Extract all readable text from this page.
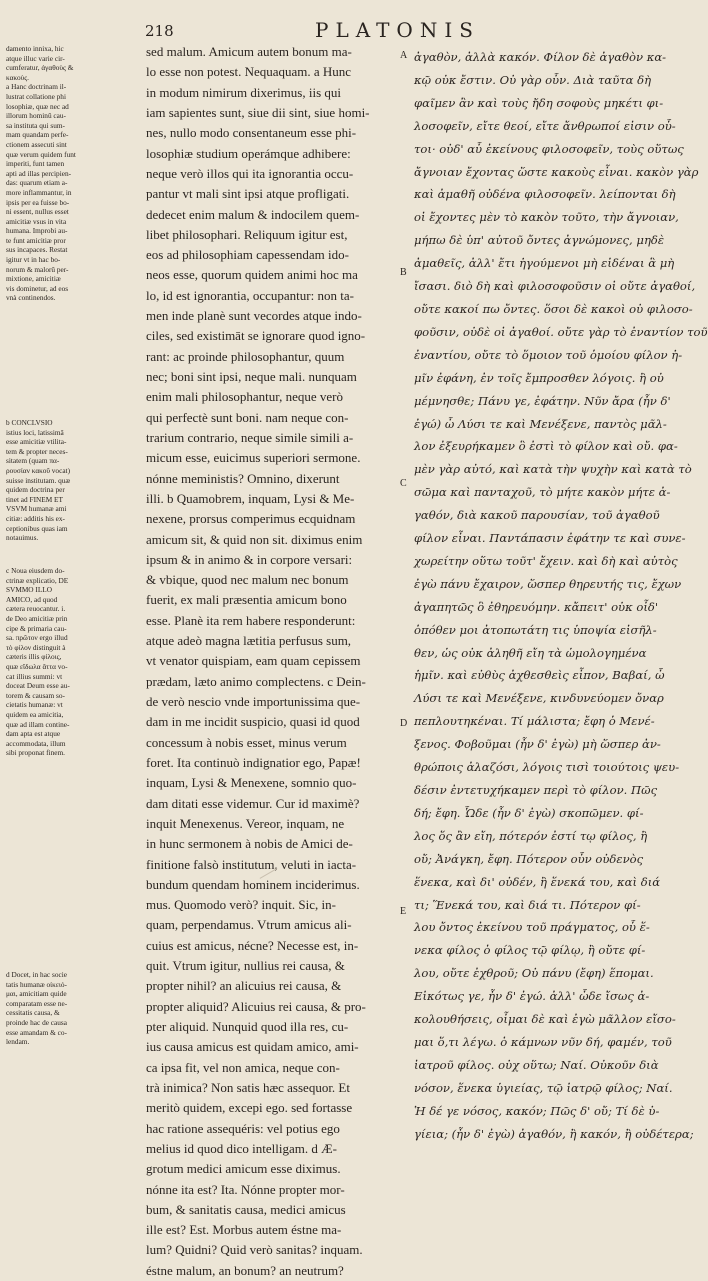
218	PLATONIS
A
B
C
D
E
damento innixa, hic
atque illuc varie cir-
cumferatur, ἀγαθοὺς &
κακοὺς.
a Hanc doctrinam il-
lustrat collatione phi
losophiæ, quæ nec ad
illorum hominũ cau-
sa instituta qui sum-
mam quandam perfe-
ctionem assecuti sint
quæ verum quidem funt
imperiti, funt tamen
apti ad illas percipien-
das: quarum etiam a-
more inflammantur, in
ipsis per ea fuisse bo-
ni essent, nullus esset
amicitiæ vsus in vita
humana. Improbi au-
te funt amicitiæ pror
sus incapaces. Restat
igitur vt in hac bo-
norum & malorũ per-
mixtione, amicitiæ
vis dominetur, ad eos
vnà continendos.
b CONCLVSIO
istius loci, latissimã
esse amicitiæ vtilita-
tem & propter neces-
sitatem (quam πα-
ρουσίαν κακοῦ vocat)
suisse institutam. quæ
quidem doctrina per
tinet ad FINEM ET
VSVM humanæ ami
citiæ: additis his ex-
ceptionibus quas iam
notauimus.
c Noua eiusdem do-
ctrinæ explicatio, DE
SVMMO ILLO
AMICO, ad quod
cætera reuocantur. i.
de Deo amicitiæ prin
cipe & primaria cau-
sa. πρῶτον ergo illud
τὸ φίλον distinguit à
cæteris illis φίλοις,
quæ εἴδωλα ἄττα vo-
cat illius summi: vt
doceat Deum esse au-
torem & causam so-
cietatis humanæ: vt
quidem ea amicitia,
quæ ad illam contine-
dam apta est atque
accommodata, illum
sibi proponat finem.
d Docet, in hac socie
tatis humanæ οἰκειό-
μαι, amicitiam quide
comparatam esse ne-
cessitatis causa, &
proinde hac de causa
esse amandam & co-
lendam.
sed malum. Amicum autem bonum ma-
lo esse non potest. Nequaquam. a Hunc
in modum nimirum dixerimus, iis qui
iam sapientes sunt, siue dii sint, siue homi-
nes, nullo modo consentaneum esse phi-
losophiæ studium operámque adhibere:
neque verò illos qui ita ignorantia occu-
pantur vt mali sint ipsi atque profligati.
dedecet enim malum & indocilem quem-
libet philosophari. Reliquum igitur est,
eos ad philosophiam capessendam ido-
neos esse, quorum quidem animi hoc ma
lo, id est ignorantia, occupantur: non ta-
men inde planè sunt vecordes atque indo-
ciles, sed existimāt se ignorare quod igno-
rant: ac proinde philosophantur, quum
nec; boni sint ipsi, neque mali. nunquam
enim mali philosophantur, neque verò
qui perfectè sunt boni. nam neque con-
trarium contrario, neque simile simili a-
micum esse, euicimus superiori sermone.
nónne meministis? Omnino, dixerunt
illi. b Quamobrem, inquam, Lysi & Me-
nexene, prorsus comperimus ecquidnam
amicum sit, & quid non sit. diximus enim
ipsum & in animo & in corpore versari:
& vbique, quod nec malum nec bonum
fuerit, ex mali præsentia amicum bono
esse. Planè ita rem habere responderunt:
atque adeò magna lætitia perfusus sum,
vt venator quispiam, eam quam cepissem
prædam, læto animo complectens. c Dein-
de verò nescio vnde importunissima que-
dam in me incidit suspicio, quasi id quod
concessum à nobis esset, minus verum
foret. Ita continuò indignatior ego, Papæ!
inquam, Lysi & Menexene, somnio quo-
dam ditati esse videmur. Cur id maximè?
inquit Menexenus. Vereor, inquam, ne
in hunc sermonem à nobis de Amici de-
finitione falsò institutum, veluti in iacta-
bundum quendam hominem inciderimus.
mus. Quomodo verò? inquit. Sic, in-
quam, perpendamus. Vtrum amicus ali-
cuius est amicus, nécne? Necesse est, in-
quit. Vtrum igitur, nullius rei causa, &
propter nihil? an alicuius rei causa, &
propter aliquid? Alicuius rei causa, & pro-
pter aliquid. Nunquid quod illa res, cu-
ius causa amicus est quidam amico, ami-
ca ipsa fit, vel non amica, neque con-
trà inimica? Non satis hæc assequor. Et
meritò quidem, excepi ego. sed fortasse
hac ratione assequéris: vel potius ego
melius id quod dico intelligam. d Æ-
grotum medici amicum esse diximus.
nónne ita est? Ita. Nónne propter mor-
bum, & sanitatis causa, medici amicus
ille est? Est. Morbus autem éstne ma-
lum? Quidni? Quid verò sanitas? inquam.
éstne malum, an bonum? an neutrum?
ἀγαθὸν, ἀλλὰ κακόν. Φίλον δὲ ἀγαθὸν κα-
κῷ οὐκ ἔστιν. Οὐ γὰρ οὖν. Διὰ ταῦτα δὴ
φαῖμεν ἂν καὶ τοὺς ἤδη σοφοὺς μηκέτι φι-
λοσοφεῖν, εἴτε θεοί, εἴτε ἄνθρωποί εἰσιν οὗ-
τοι· οὐδ' αὖ ἐκείνους φιλοσοφεῖν, τοὺς οὕτως
ἄγνοιαν ἔχοντας ὥστε κακοὺς εἶναι. κακὸν γὰρ
καὶ ἀμαθῆ οὐδένα φιλοσοφεῖν. λείπονται δὴ
οἱ ἔχοντες μὲν τὸ κακὸν τοῦτο, τὴν ἄγνοιαν,
μήπω δὲ ὑπ' αὐτοῦ ὄντες ἀγνώμονες, μηδὲ
ἀμαθεῖς, ἀλλ' ἔτι ἡγούμενοι μὴ εἰδέναι ἃ μὴ
ἴσασι. διὸ δὴ καὶ φιλοσοφοῦσιν οἱ οὔτε ἀγαθοί,
οὔτε κακοί πω ὄντες. ὅσοι δὲ κακοὶ οὐ φιλοσο-
φοῦσιν, οὐδὲ οἱ ἀγαθοί. οὔτε γὰρ τὸ ἐναντίον τοῦ
ἐναντίου, οὔτε τὸ ὅμοιον τοῦ ὁμοίου φίλον ἡ-
μῖν ἐφάνη, ἐν τοῖς ἔμπροσθεν λόγοις. ἢ οὐ
μέμνησθε; Πάνυ γε, ἐφάτην. Νῦν ἄρα (ἦν δ'
ἐγώ) ὦ Λύσι τε καὶ Μενέξενε, παντὸς μᾶλ-
λον ἐξευρήκαμεν ὃ ἐστὶ τὸ φίλον καὶ οὔ. φα-
μὲν γὰρ αὐτό, καὶ κατὰ τὴν ψυχὴν καὶ κατὰ τὸ
σῶμα καὶ πανταχοῦ, τὸ μήτε κακὸν μήτε ἀ-
γαθόν, διὰ κακοῦ παρουσίαν, τοῦ ἀγαθοῦ
φίλον εἶναι. Παντάπασιν ἐφάτην τε καὶ συνε-
χωρείτην οὕτω τοῦτ' ἔχειν. καὶ δὴ καὶ αὐτὸς
ἐγὼ πάνυ ἔχαιρον, ὥσπερ θηρευτής τις, ἔχων
ἀγαπητῶς ὃ ἐθηρευόμην. κἄπειτ' οὐκ οἶδ'
ὁπόθεν μοι ἀτοπωτάτη τις ὑποψία εἰσῆλ-
θεν, ὡς οὐκ ἀληθῆ εἴη τὰ ὡμολογημένα
ἡμῖν. καὶ εὐθὺς ἀχθεσθεὶς εἶπον, Βαβαί, ὦ
Λύσι τε καὶ Μενέξενε, κινδυνεύομεν ὄναρ
πεπλουτηκέναι. Τί μάλιστα; ἔφη ὁ Μενέ-
ξενος. Φοβοῦμαι (ἦν δ' ἐγὼ) μὴ ὥσπερ ἀν-
θρώποις ἀλαζόσι, λόγοις τισὶ τοιούτοις ψευ-
δέσιν ἐντετυχήκαμεν περὶ τὸ φίλον. Πῶς
δή; ἔφη. Ὧδε (ἦν δ' ἐγὼ) σκοπῶμεν. φί-
λος ὅς ἂν εἴη, πότερόν ἐστί τῳ φίλος, ἢ
οὔ; Ἀνάγκη, ἔφη. Πότερον οὖν οὐδενὸς
ἕνεκα, καὶ δι' οὐδέν, ἢ ἕνεκά του, καὶ διά
τι; Ἕνεκά του, καὶ διά τι. Πότερον φί-
λου ὄντος ἐκείνου τοῦ πράγματος, οὗ ἕ-
νεκα φίλος ὁ φίλος τῷ φίλῳ, ἢ οὔτε φί-
λου, οὔτε ἐχθροῦ; Οὐ πάνυ (ἔφη) ἕπομαι.
Εἰκότως γε, ἦν δ' ἐγώ. ἀλλ' ὧδε ἴσως ἀ-
κολουθήσεις, οἶμαι δὲ καὶ ἐγὼ μᾶλλον εἴσο-
μαι ὅ,τι λέγω. ὁ κάμνων νῦν δή, φαμέν, τοῦ
ἰατροῦ φίλος. οὐχ οὕτω; Ναί. Οὐκοῦν διὰ
νόσον, ἕνεκα ὑγιείας, τῷ ἰατρῷ φίλος; Ναί.
Ἡ δέ γε νόσος, κακόν; Πῶς δ' οὔ; Τί δὲ ὑ-
γίεια; (ἦν δ' ἐγὼ) ἀγαθόν, ἢ κακόν, ἢ οὐδέτερα;
